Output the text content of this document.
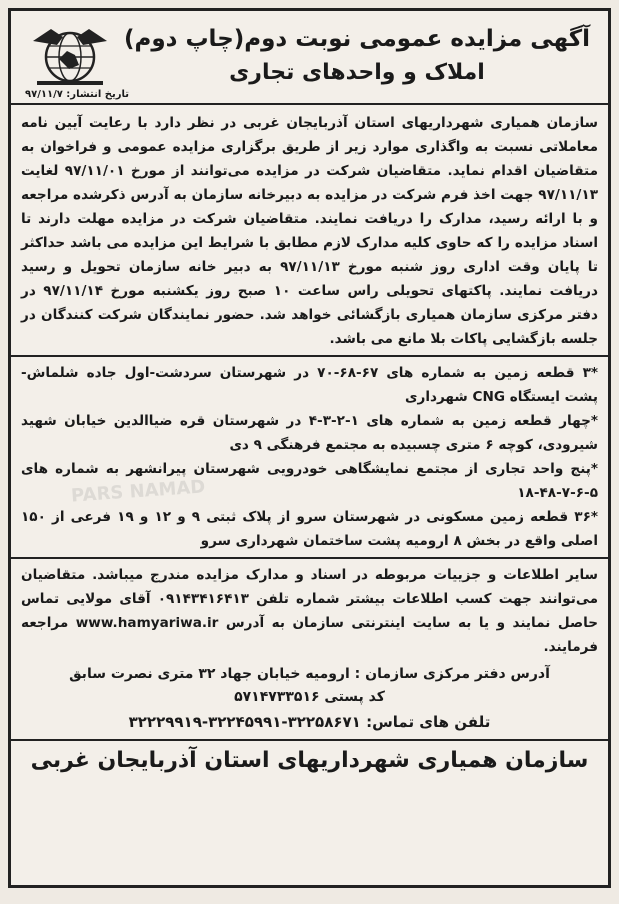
آگهی مزایده عمومی نوبت دوم(چاپ دوم)
املاک و واحدهای تجاری
تاریخ انتشار: ۹۷/۱۱/۷
PARS NAMAD

سازمان همیاری شهرداریهای استان آذربایجان غربی در نظر دارد با رعایت آیین نامه معاملاتی نسبت به واگذاری موارد زیر از طریق برگزاری مزایده عمومی و فراخوان به متقاضیان اقدام نماید. متقاضیان شرکت در مزایده می‌توانند از مورخ ۹۷/۱۱/۰۱ لغایت ۹۷/۱۱/۱۳ جهت اخذ فرم شرکت در مزایده به دبیرخانه سازمان به آدرس ذکرشده مراجعه و با ارائه رسید، مدارک را دریافت نمایند. متقاضیان شرکت در مزایده مهلت دارند تا اسناد مزایده را که حاوی کلیه مدارک لازم مطابق با شرایط این مزایده می باشد حداکثر تا پایان وقت اداری روز شنبه مورخ ۹۷/۱۱/۱۳ به دبیر خانه سازمان تحویل و رسید دریافت نمایند. پاکتهای تحویلی راس ساعت ۱۰ صبح روز یکشنبه مورخ ۹۷/۱۱/۱۴ در دفتر مرکزی سازمان همیاری بازگشائی خواهد شد. حضور نمایندگان شرکت کنندگان در جلسه بازگشایی پاکات بلا مانع می باشد.

*۳ قطعه زمین به شماره های ۶۷-۶۸-۷۰ در شهرستان سردشت-اول جاده شلماش- پشت ایستگاه CNG شهرداری

*چهار قطعه زمین به شماره های ۱-۲-۳-۴ در شهرستان قره ضیاالدین خیابان شهید شیرودی، کوچه ۶ متری چسبیده به مجتمع فرهنگی ۹ دی

*پنج واحد تجاری از مجتمع نمایشگاهی خودرویی شهرستان پیرانشهر به شماره های ۵-۶-۷-۴۸-۱۸

*۳۶ قطعه زمین مسکونی در شهرستان سرو از پلاک ثبتی ۹ و ۱۲ و ۱۹ فرعی از ۱۵۰ اصلی واقع در بخش ۸ ارومیه پشت ساختمان شهرداری سرو

سایر اطلاعات و جزییات مربوطه در اسناد و مدارک مزایده مندرج میباشد. متقاضیان می‌توانند جهت کسب اطلاعات بیشتر شماره تلفن ۰۹۱۴۳۴۱۶۴۱۳ آقای مولایی تماس حاصل نمایند و یا به سایت اینترنتی سازمان به آدرس www.hamyariwa.ir مراجعه فرمایند.

آدرس دفتر مرکزی سازمان : ارومیه خیابان جهاد ۳۲ متری نصرت سابق
کد پستی ۵۷۱۴۷۳۳۵۱۶
تلفن های تماس: ۳۲۲۵۸۶۷۱-۳۲۲۴۵۹۹۱-۳۲۲۲۹۹۱۹
سازمان همیاری شهرداریهای استان آذربایجان غربی
